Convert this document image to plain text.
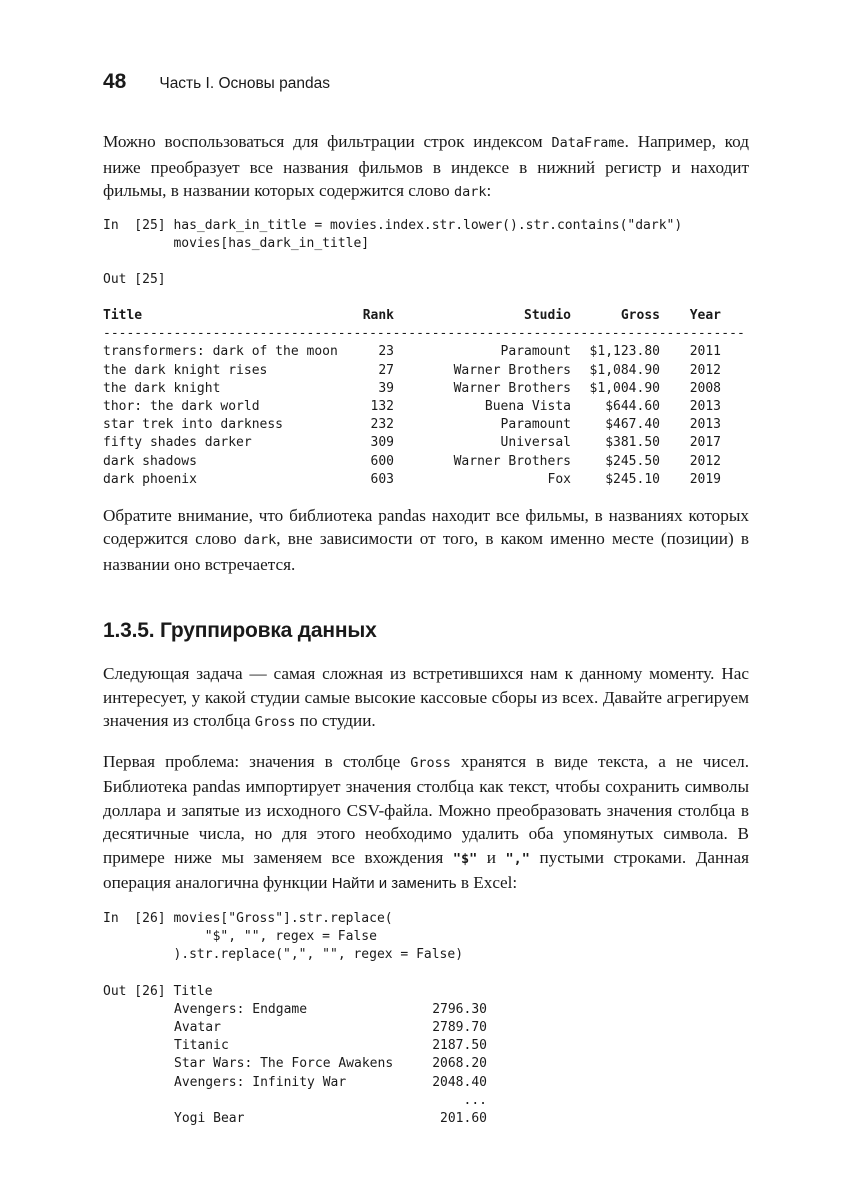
48 Часть I. Основы pandas

Можно воспользоваться для фильтрации строк индексом DataFrame. Например, код ниже преобразует все названия фильмов в индексе в нижний регистр и находит фильмы, в названии которых содержится слово dark:

In  [25] has_dark_in_title = movies.index.str.lower().str.contains("dark")
movies[has_dark_in_title]
Out [25]
Title	Rank	Studio	Gross	Year
----------------------------------------------------------------------------------
transformers: dark of the moon	23	Paramount	$1,123.80	2011
the dark knight rises	27	Warner Brothers	$1,084.90	2012
the dark knight	39	Warner Brothers	$1,004.90	2008
thor: the dark world	132	Buena Vista	$644.60	2013
star trek into darkness	232	Paramount	$467.40	2013
fifty shades darker	309	Universal	$381.50	2017
dark shadows	600	Warner Brothers	$245.50	2012
dark phoenix	603	Fox	$245.10	2019

Обратите внимание, что библиотека pandas находит все фильмы, в названиях которых содержится слово dark, вне зависимости от того, в каком именно месте (позиции) в названии оно встречается.

1.3.5. Группировка данных

Следующая задача — самая сложная из встретившихся нам к данному моменту. Нас интересует, у какой студии самые высокие кассовые сборы из всех. Давайте агрегируем значения из столбца Gross по студии.

Первая проблема: значения в столбце Gross хранятся в виде текста, а не чисел. Библиотека pandas импортирует значения столбца как текст, чтобы сохранить символы доллара и запятые из исходного CSV-файла. Можно преобразовать значения столбца в десятичные числа, но для этого необходимо удалить оба упомянутых символа. В примере ниже мы заменяем все вхождения "$" и "," пустыми строками. Данная операция аналогична функции Найти и заменить в Excel:

In  [26] movies["Gross"].str.replace(
"$", "", regex = False
).str.replace(",", "", regex = False)
Out [26] Title
	Avengers: Endgame	2796.30
	Avatar	2789.70
	Titanic	2187.50
	Star Wars: The Force Awakens	2068.20
	Avengers: Infinity War	2048.40
		...
	Yogi Bear	201.60
